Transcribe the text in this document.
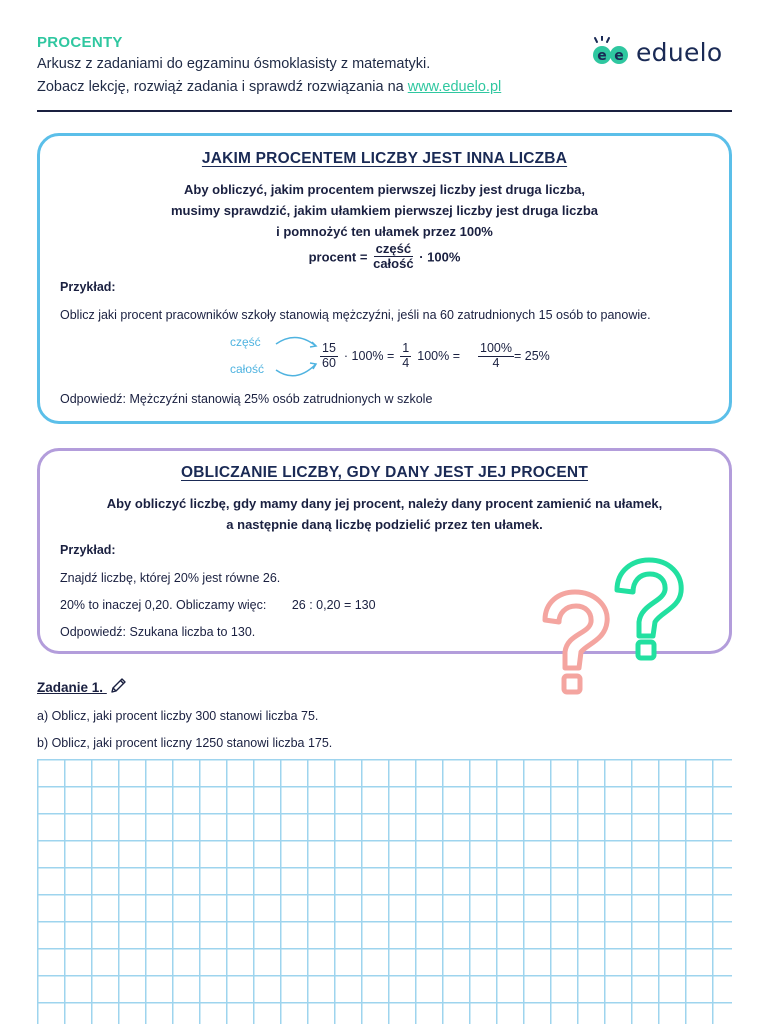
PROCENTY
Arkusz z zadaniami do egzaminu ósmoklasisty z matematyki.
Zobacz lekcję, rozwiąż zadania i sprawdź rozwiązania na www.eduelo.pl
e e eduelo
JAKIM PROCENTEM LICZBY JEST INNA LICZBA
Aby obliczyć, jakim procentem pierwszej liczby jest druga liczba,
musimy sprawdzić, jakim ułamkiem pierwszej liczby jest druga liczba
i pomnożyć ten ułamek przez 100%
procent = $\frac{\text{część}}{\text{całość}} \cdot 100\%$
Przykład:
Oblicz jaki procent pracowników szkoły stanowią mężczyźni, jeśli na 60 zatrudnionych 15 osób to panowie.
część
całość	$\frac{15}{60} \cdot 100\% = \frac{1}{4} 100\% = \frac{100\%}{4} = 25\%$
Odpowiedź: Mężczyźni stanowią 25% osób zatrudnionych w szkole
OBLICZANIE LICZBY, GDY DANY JEST JEJ PROCENT
Aby obliczyć liczbę, gdy mamy dany jej procent, należy dany procent zamienić na ułamek,
a następnie daną liczbę podzielić przez ten ułamek.
Przykład:
Znajdź liczbę, której 20% jest równe 26.
20% to inaczej 0,20. Obliczamy więc: 26 : 0,20 = 130
Odpowiedź: Szukana liczba to 130.
Zadanie 1.
a) Oblicz, jaki procent liczby 300 stanowi liczba 75.
b) Oblicz, jaki procent liczny 1250 stanowi liczba 175.
